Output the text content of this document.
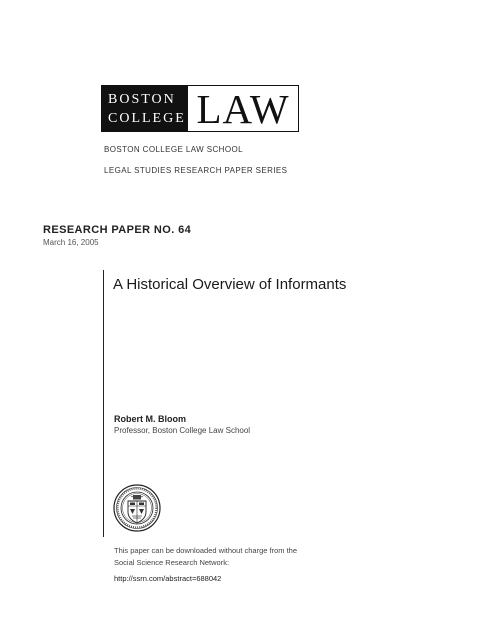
BOSTON
COLLEGE LAW
BOSTON COLLEGE LAW SCHOOL
LEGAL STUDIES RESEARCH PAPER SERIES
RESEARCH PAPER NO. 64
March 16, 2005
A Historical Overview of Informants
Robert M. Bloom
Professor, Boston College Law School
This paper can be downloaded without charge from the
Social Science Research Network:
http://ssrn.com/abstract=688042
